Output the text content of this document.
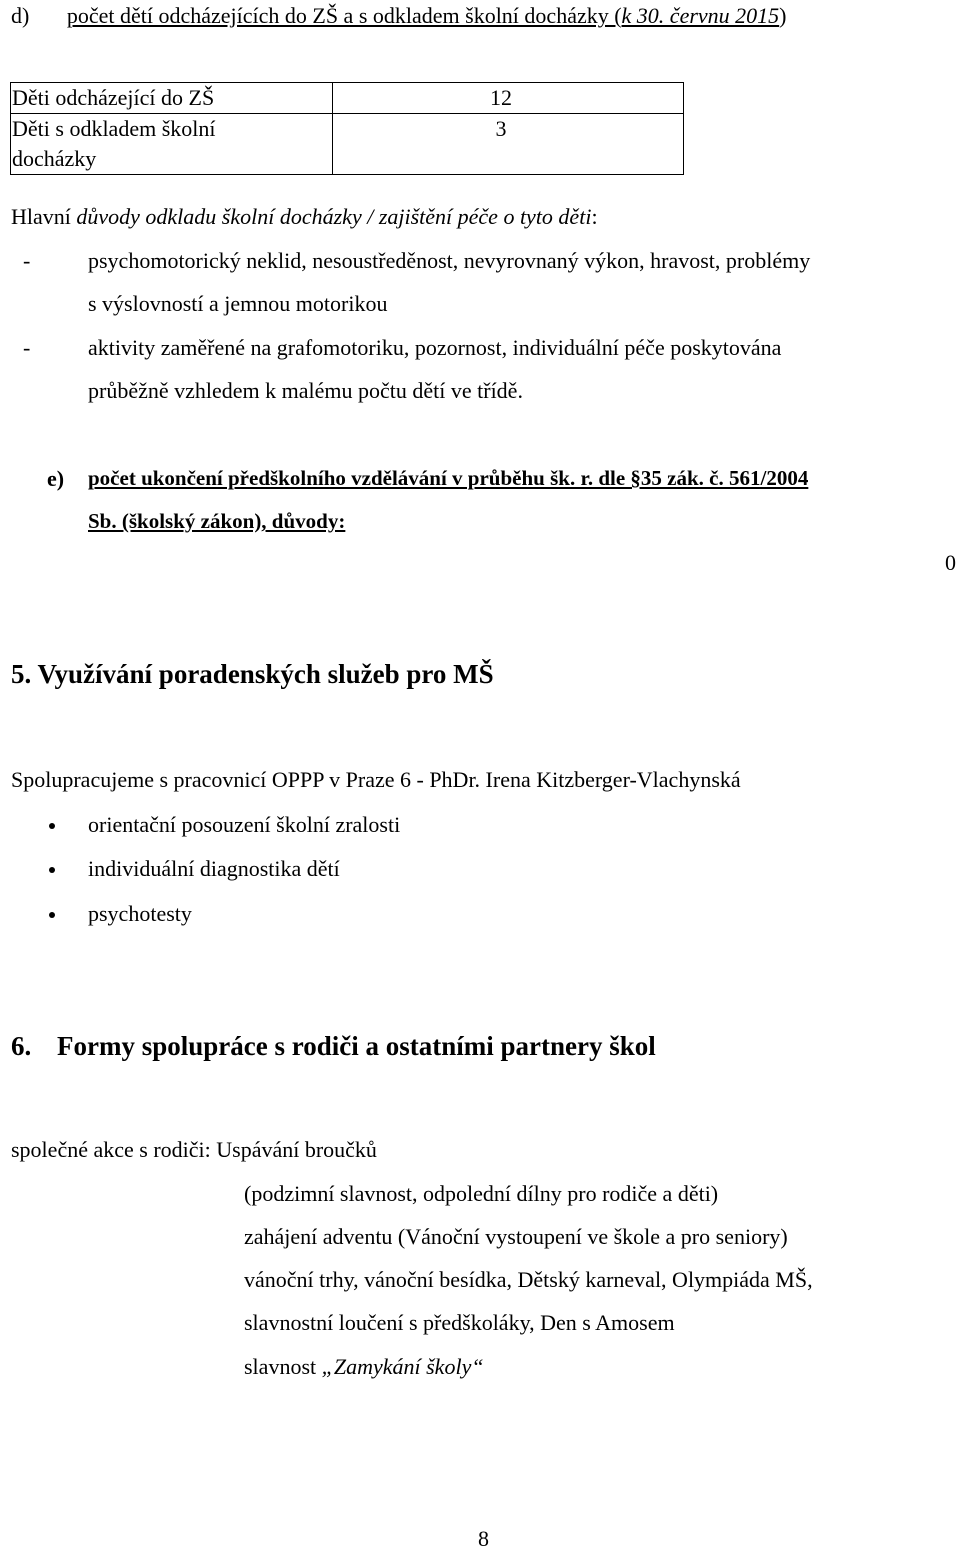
d) počet dětí odcházejících do ZŠ a s odkladem školní docházky (k 30. červnu 2015)
Děti odcházející do ZŠ	12

Děti s odkladem školní
docházky	3
Hlavní důvody odkladu školní docházky / zajištění péče o tyto děti:
-	psychomotorický neklid, nesoustředěnost, nevyrovnaný výkon, hravost, problémy
s výslovností a jemnou motorikou
-	aktivity zaměřené na grafomotoriku, pozornost, individuální péče poskytována
průběžně vzhledem k malému počtu dětí ve třídě.
e) počet ukončení předškolního vzdělávání v průběhu šk. r. dle §35 zák. č. 561/2004
Sb. (školský zákon), důvody:
0
5. Využívání poradenských služeb pro MŠ
Spolupracujeme s pracovnicí OPPP v Praze 6 - PhDr. Irena Kitzberger-Vlachynská
orientační posouzení školní zralosti
individuální diagnostika dětí
psychotesty
6. Formy spolupráce s rodiči a ostatními partnery škol
společné akce s rodiči: Uspávání broučků
(podzimní slavnost, odpolední dílny pro rodiče a děti)
zahájení adventu (Vánoční vystoupení ve škole a pro seniory)
vánoční trhy, vánoční besídka, Dětský karneval, Olympiáda MŠ,
slavnostní loučení s předškoláky, Den s Amosem
slavnost „Zamykání školy“
8
